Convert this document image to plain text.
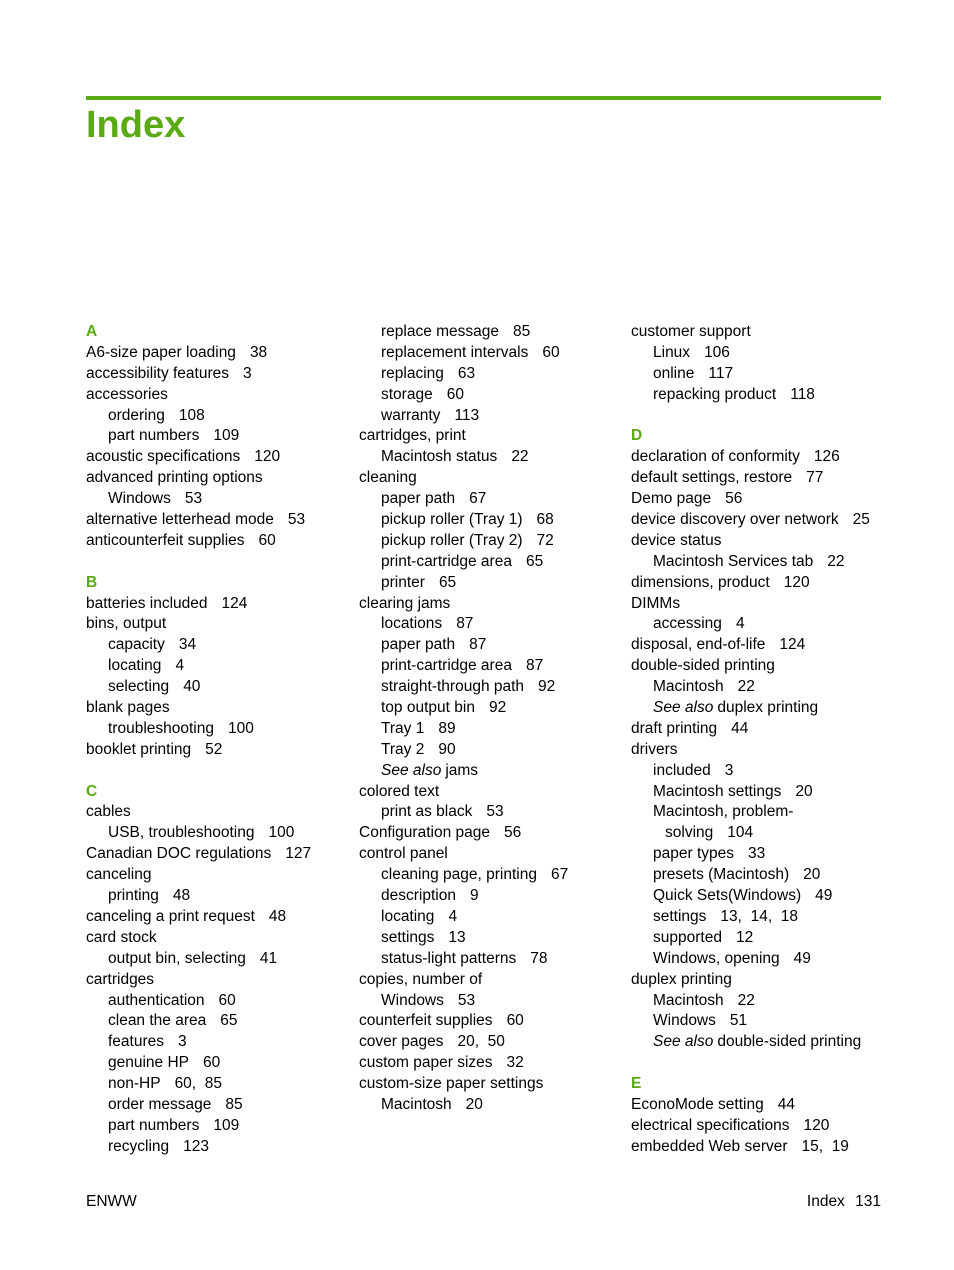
Index
A
A6-size paper loading 38
accessibility features 3
accessories
ordering 108
part numbers 109
acoustic specifications 120
advanced printing options
Windows 53
alternative letterhead mode 53
anticounterfeit supplies 60
B
batteries included 124
bins, output
capacity 34
locating 4
selecting 40
blank pages
troubleshooting 100
booklet printing 52
C
cables
USB, troubleshooting 100
Canadian DOC regulations 127
canceling
printing 48
canceling a print request 48
card stock
output bin, selecting 41
cartridges
authentication 60
clean the area 65
features 3
genuine HP 60
non-HP 60,  85
order message 85
part numbers 109
recycling 123
replace message 85
replacement intervals 60
replacing 63
storage 60
warranty 113
cartridges, print
Macintosh status 22
cleaning
paper path 67
pickup roller (Tray 1) 68
pickup roller (Tray 2) 72
print-cartridge area 65
printer 65
clearing jams
locations 87
paper path 87
print-cartridge area 87
straight-through path 92
top output bin 92
Tray 1 89
Tray 2 90
See also jams
colored text
print as black 53
Configuration page 56
control panel
cleaning page, printing 67
description 9
locating 4
settings 13
status-light patterns 78
copies, number of
Windows 53
counterfeit supplies 60
cover pages 20,  50
custom paper sizes 32
custom-size paper settings
Macintosh 20
customer support
Linux 106
online 117
repacking product 118
D
declaration of conformity 126
default settings, restore 77
Demo page 56
device discovery over network 25
device status
Macintosh Services tab 22
dimensions, product 120
DIMMs
accessing 4
disposal, end-of-life 124
double-sided printing
Macintosh 22
See also duplex printing
draft printing 44
drivers
included 3
Macintosh settings 20
Macintosh, problem-
solving 104
paper types 33
presets (Macintosh) 20
Quick Sets(Windows) 49
settings 13,  14,  18
supported 12
Windows, opening 49
duplex printing
Macintosh 22
Windows 51
See also double-sided printing
E
EconoMode setting 44
electrical specifications 120
embedded Web server 15,  19
ENWW	Index 131
